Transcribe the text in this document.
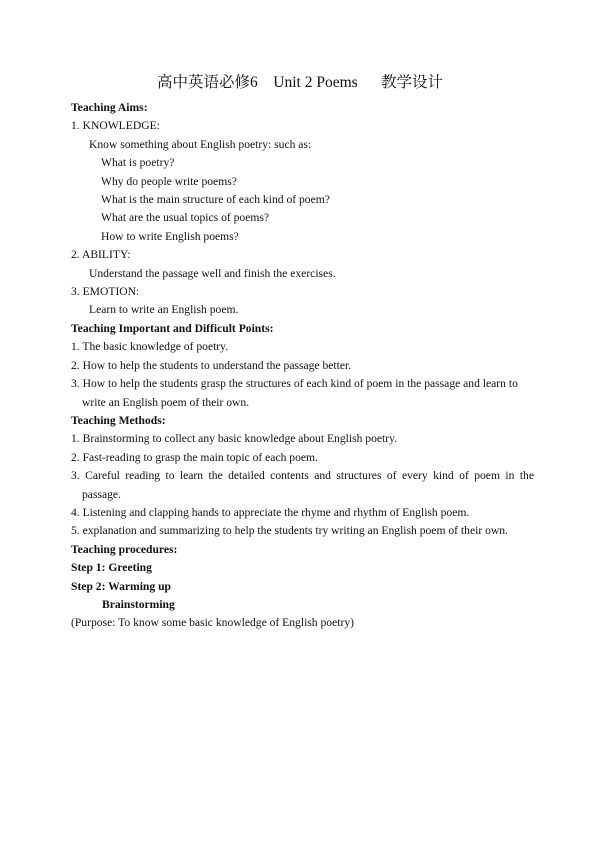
高中英语必修6    Unit 2 Poems      教学设计

Teaching Aims:

1. KNOWLEDGE:

Know something about English poetry: such as:

What is poetry?

Why do people write poems?

What is the main structure of each kind of poem?

What are the usual topics of poems?

How to write English poems?

2. ABILITY:

Understand the passage well and finish the exercises.

3. EMOTION:

Learn to write an English poem.

Teaching Important and Difficult Points:

1. The basic knowledge of poetry.

2. How to help the students to understand the passage better.

3. How to help the students grasp the structures of each kind of poem in the passage and learn to write an English poem of their own.

Teaching Methods:

1. Brainstorming to collect any basic knowledge about English poetry.

2. Fast-reading to grasp the main topic of each poem.

3. Careful reading to learn the detailed contents and structures of every kind of poem in the passage.

4. Listening and clapping hands to appreciate the rhyme and rhythm of English poem.

5. explanation and summarizing to help the students try writing an English poem of their own.

Teaching procedures:

Step 1: Greeting

Step 2: Warming up

Brainstorming

(Purpose: To know some basic knowledge of English poetry)
